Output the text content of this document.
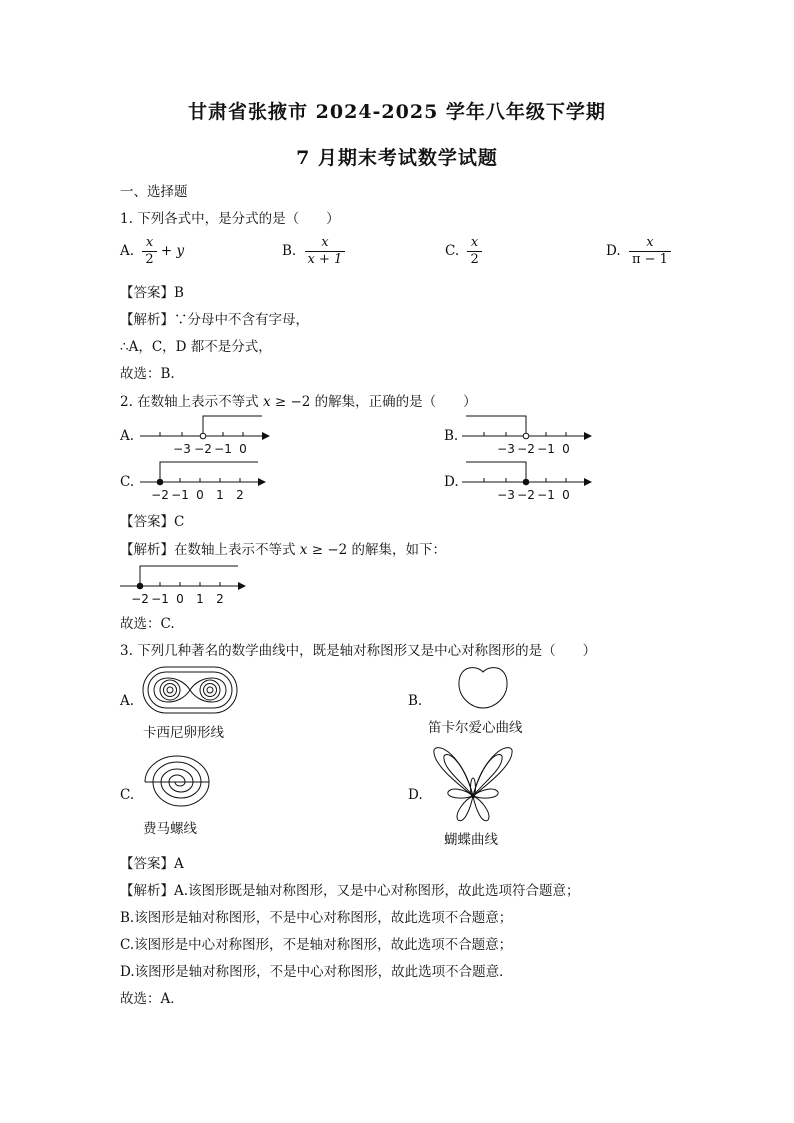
甘肃省张掖市 2024-2025 学年八年级下学期
7 月期末考试数学试题
一、选择题
1. 下列各式中，是分式的是（　　）
A. $\frac{x}{2} + y$	B. $\frac{x}{x + 1}$	C. $\frac{x}{2}$	D. $\frac{x}{\pi - 1}$
【答案】B
【解析】∵分母中不含有字母，
∴A，C，D 都不是分式，
故选：B.
2. 在数轴上表示不等式 x ≥ −2 的解集，正确的是（　　）
A.
−3 −2 −1 0
B.
−3 −2 −1 0
C.
−2 −1 0 1 2
D.
−3 −2 −1 0
【答案】C
【解析】在数轴上表示不等式 x ≥ −2 的解集，如下：
−2 −1 0 1 2
故选：C.
3. 下列几种著名的数学曲线中，既是轴对称图形又是中心对称图形的是（　　）
A.
卡西尼卵形线
B.
笛卡尔爱心曲线
C.
费马螺线
D.
蝴蝶曲线
【答案】A
【解析】A.该图形既是轴对称图形，又是中心对称图形，故此选项符合题意；
B.该图形是轴对称图形，不是中心对称图形，故此选项不合题意；
C.该图形是中心对称图形，不是轴对称图形，故此选项不合题意；
D.该图形是轴对称图形，不是中心对称图形，故此选项不合题意．
故选：A．
